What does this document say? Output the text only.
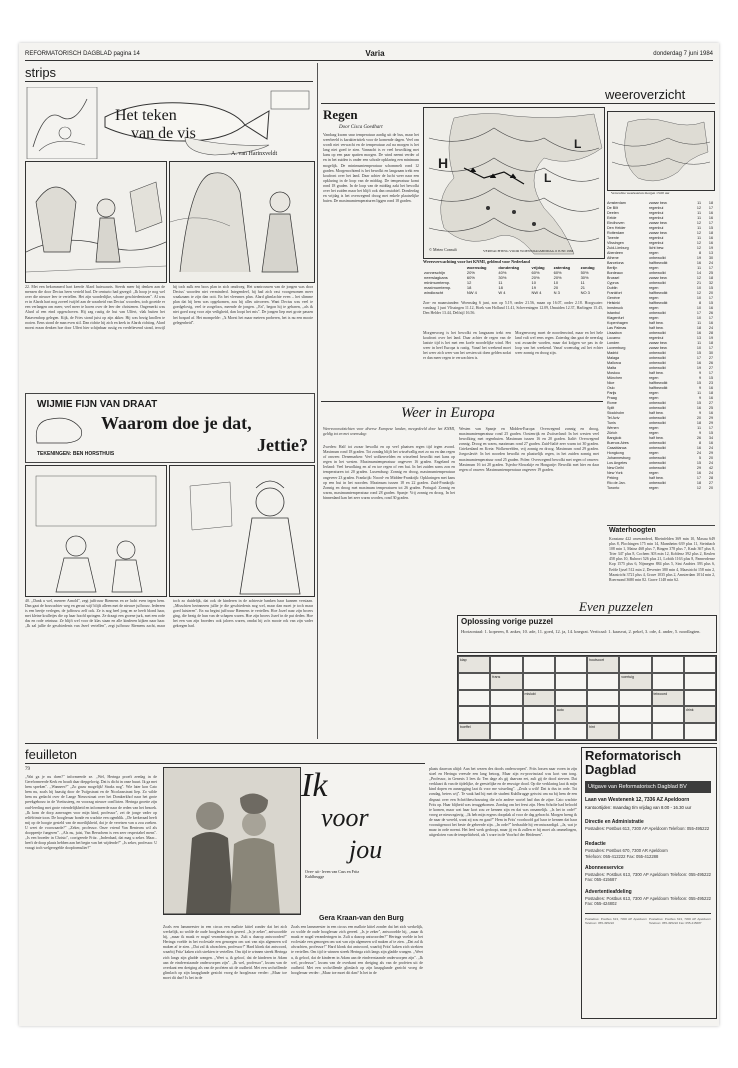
REFORMATORISCH DAGBLAD pagina 14	Varia	donderdag 7 juni 1984
strips
Het teken
van de vis
A. van Harinxveldt
22. Met een bekommerd hart keerde Alard huiswaarts. Steeds meer bij denken aan de mensen die door Decius heen verteld had. De centurio had gezegd: ,,Ik hoop je nog wel over die nieuwe leer te vertellen. Het zijn wonderlijke, schone geschiedenissen". Al was er in Alards hart nog zoveel twijfel aan de waarheid van Decius' woorden, toch groeide er een verlangen om meer, veel meer te horen over de leer der christenen. Ongemerkt was Alard al een eind opgeschoven. Hij zag rustig de hut van Ulfert, vlak buiten het Batavendorp gelegen. Kijk, de Fries stond juist op zijn akker. Hij was bezig knollen te rooien. Eens stond de man even stil. Dan richtte hij zich en keek in Alards richting. Alard moest eraan denken hoe door Ulfert hier schijnbaar rustig en vredelievend stond, terwijl hij toch zulk een boos plan in zich omdroeg. Het wantrouwen van de jongen was door Decius' woorden niet verminderd. Integendeel, hij had zich vast voorgenomen meer waakzaam te zijn dan ooit. En het vleesmes plan. Alard glimlachte even – het slimme plan dat hij hem was opgekomen, zou hij alles uitvoeren. Want Decius was veel te goedgelovig, veel te zorgeloos, meende de jongen. ,,En", begon hij te gebaren, ,,als ik niet goed zorg voor zijn veiligheid, dan loopt het mis". De jongen liep met grote passen het bospad af. Het mompelde: ,,'k Moest het maar meteen proberen, het is nu een mooie gelegenheid".
WIJMIE FIJN VAN DRAAT
Waarom doe je dat,
Jettie?
TEKENINGEN: BEN HORSTHUIS
40. ,,Dank u wel, meneer Arnold", zegt juffrouw Riemens en ze lacht even tegen hem. Dan gaat de boswachter weg en gerust wijf blijft alleen met de nieuwe juffrouw. Iedereen is een beetje verlegen, de juffrouw zelf ook. Ze is nog heel jong en ze heeft blond haar, met kleine krulletjes die op haar hoofd springen. Ze draagt een groene jurk, met een rode das en rode ceintuur. Ze blijft wel voor de klas staan en alle kinderen kijken naar haar. ,,Ik zal jullie de geschiedenis van Jezef vertellen", zegt juffrouw Riemens zacht, maar toch zo duidelijk, dat ook de kinderen in de achterste banken haar kunnen verstaan. ,,Misschien herinneren jullie je die geschiedenis nog wel, maar dan moet je toch maar goed luisteren". En nu begint juffrouw Riemens te vertellen. Hoe Jozef naar zijn broers ging, die bezig de hun van de schapen waren. Hoe zijn broers Jozef in de put deden. Hoe het een van zijn broeders ook jaloers waren, omdat hij zo'n mooie rok van zijn vader gekregen had.
feuilleton
79
,,Wat ga je nu doen?" informeerde ze. ,,Wel, Heringa proeft zeedag in de Gereformeerde Kerk en houdt daar diepgelovig. Dat is dicht in onze buurt. Ik ga met hem spreken". ,,Wanneer?" ,,Zo gauw mogelijk! Straks nog". Wie later kon Cato hem nu, zoals hij haastig door de Twijpstraat en de Nicolaasstraat liep. Zo wilde hem nu gedacht over de Lange Nieuwstraat over het Domkerkhof naar het grote preekgebouw in de Voetiusteeg, en voorzag nieuwe conflicten. Heringa groette zijn oud-leerling met grote vriendelijkheid en informeerde naar de reden van het bezoek. ,,Ik kom de dorp aanvragen voor mijn kind, professor", zei de jonge vader op reliëfrimte toon. De hoogleraar bonde en wachtte een ogenblik. ,,De kerkeraad heeft mij op de hoogte gesteld van de moeilijkheid, dat je de vereisen van u zou zoeken. U weet de voorwaarde?" ,,Zeker, professor. Onze vriend Van Benteom wil als dooppeetje fungeren". ,,Als nu, juist, Van Beeuchem is een zeer respectabel mens". ,,Is een broeder in Christo", corrigeerde Fritz. ,,Inderdaad, dat mag u zeker. Maar... heeft de doop plaats hebben aan het begin van het wijdende?" ,,Is zeker, professor. U vraagt toch welgeregelde doopformulier?"
Ik
voor
jou
Over- uit- leven van Cass en Fritz Kuhlbrugge
Gera Kraan-van den Burg
Zoals een lansmeester in een circus een mallote kittel zonder dat het zich werkelijk, zo wolde de oude hoogleraar zich gereed. ,,Is je zeker", antwoordde hij, ,,maar ik maak er nogal veranderingen in. Zult u daarop antwoorden?" Heringa voelde in het ecclesiale een genoegen om wat van zijn algemeen wil maken af te zien. ,,Dat zal ik afwachten, professor!" Hard klonk dat antwoord, waarbij Fritz' kaken zich strekten te vertellen. Om tijd te winnen streek Heringa zich langs zijn gladde wangen. ,,Weet u, ik geloof, dat de kinderen in Adam aan de eindverstaande onderworpen zijn". ,,Ik wel, professor", kwam van de overkant een dreiging als van de profeten uit de oudheid. Met een wolwillende glimlach op zijn knapglunde gezicht vroeg de hoogleraar verder: ,,Maar toe moet dit dan? Is het in de
Zoals een lansmeester in een circus een mallote kittel zonder dat het zich werkelijk, zo wolde de oude hoogleraar zich gereed. ,,Is je zeker", antwoordde hij, ,,maar ik maak er nogal veranderingen in. Zult u daarop antwoorden?" Heringa voelde in het ecclesiale een genoegen om wat van zijn algemeen wil maken af te zien. ,,Dat zal ik afwachten, professor!" Hard klonk dat antwoord, waarbij Fritz' kaken zich strekten te vertellen. Om tijd te winnen streek Heringa zich langs zijn gladde wangen. ,,Weet u, ik geloof, dat de kinderen in Adam aan de eindverstaande onderworpen zijn". ,,Ik wel, professor", kwam van de overkant een dreiging als van de profeten uit de oudheid. Met een wolwillende glimlach op zijn knapglunde gezicht vroeg de hoogleraar verder: ,,Maar toe moet dit dan? Is het in de
plaats daarvan altijd: Aan het wezen des doods onderworpen". Frits lossen naar voren in zijn stoel en Heringa vreesde een lang betoog. Maar zijn ex-provinciaal was kort van tong. ,,Professor, in Genesis 3 lees ik: Ten dage als gij daarvan eet, zult gij de dood sterven. Dat verklaart ik van de tijdelijke, de geestelijke en de eeuwige dood. Op die verklaring laat ik mijn kind dopen en aanzegging laat ik voor me wisseling". ,,Zeals u wilt! Dat is dus in orde. Tot zondag, beters wij". Te vaak had hij met de student Kuhlbrugge getwist om nu bij hem de een dispuut over een Schriftbeschouwing die zo'n andere wortel had dan de zijne. Cato wachtte Frits op. Haar blijheid was teruggekomen. Zondag om het feest zijn. Hem Scholte had beloofd te komen, maar wat haar kort zou ze kennen zijn en dat was onsamelijk. ,,Is het in orde?" vroeg ze nieuwsgierig. ,,Ik heb mijn ergens doopdak al voor de dag gebracht. Morgen breng ik de naar de wereld, want zij zou en gaat?" Hem in Frits' voorhoofd gaf haar te kennen dat haar vooruitgenoot het beste de geheerde zijn. ,,In orde?" herhaalde hij verontwaardigd. ,,Ja, wat je maar in orde noemt. Het leed werk gedoopt, maar jij en ik zullen er bij moet als ommelingen, uitgesloten van de tempeltirheid, als 't ware in de Voorhof der Heidenen".
Regen
Door Cisca Goedhart
Vandaag kwam snar temperatuur aardig uit de bus, maar het weerbeeld is karakteristiek voor de komende dagen. Veel om wordt niet verwacht en de temperatuur zal na morgen is het lang niet goed te zien. Vannacht is er veel bewolking met kans op een paar spatten morgen. De wind neemt verder af en in het zuiden is onder een schrale opklaring een minimum mogelijk. De minimumtemperatuur schommelt rond 12 graden. Morgenochtend is het bewolkt en langzaam trekt een koufront over het land. Daar achter de lucht weer naar een opklaring in de loop van de middag. De temperatuur komt rond 18 graden. In de loop van de middag zakt het bewolkt over het zuiden maar het blijft ook dan onstabiel. Donderdag en vrijdag is het overwegend droog met enkele plaatselijke buien. De maximumtemperaturen liggen rond 18 graden.
weeroverzicht
H
L
L
© Meteo Consult	VERWACHTING VOOR WOENSDAGMIDDAG 6 JUNI 1984
Verwachte weerkaarten morgen 13.00 uur
Weersverwachting voor het KNMI, geldend voor Nederland
	woensdag	donderdag	vrijdag	zaterdag	zondag
zonneschijn	20%	40%	60%	60%	50%
neerslagkans	60%	30%	20%	20%	30%
minimumtemp.	12	11	10	10	11
maximumtemp.	18	18	19	20	21
windkracht	NW 4	W 4	NW 4	N 3	NO 3
Zon- en maanstanden: Woensdag 6 juni, zon op 5.19, onder 21.56, maan op 16.07, onder 2.18. Hoogwater: vandaag 1 juni Vlissingen 11.12, Hoek van Holland 11.41, Scheveningen 12.09, IJmuiden 12.37, Harlingen 15.45, Den Helder 13.44, Delfzijl 16.56.
Morgenvroeg is het bewolkt en langzaam trekt een koufront over het land. Daar achter de regen van de laatste tijd is het met een koele noordelijke wind. Het weer in heel Europa is rustig. Vanaf het weekend moet het weer zich weer van het westen uit doen gelden zodat er dan meer regen te verwachten is.
Morgenvroeg moet de noordenwind, maar en het hele land valt wel eens regen. Zaterdag dan gaat de neerslag wat zwaarder worden, maar dat krijgen we pas in de loop van het weekend. Vanaf woensdag zal het echter weer zonnig en droog zijn.
Amsterdam	zwaar bew.	11	18
De Bilt	regenbui	12	17
Deelen	regenbui	11	16
Eelde	regenbui	11	16
Eindhoven	zwaar bew.	12	17
Den Helder	regenbui	11	15
Rotterdam	zwaar bew.	12	18
Twente	regenbui	11	16
Vlissingen	regenbui	12	16
Zuid-Limburg	licht bew.	12	19
Aberdeen	regen	8	13
Athene	onbewolkt	19	30
Barcelona	halfbewolkt	16	24
Berlijn	regen	11	17
Bordeaux	onbewolkt	14	25
Brussel	zwaar bew.	12	18
Cyprus	onbewolkt	21	32
Dublin	regen	10	15
Frankfort	halfbewolkt	12	20
Genève	regen	10	17
Helsinki	halfbewolkt	8	15
Innsbruck	regen	10	16
Istanbul	onbewolkt	17	26
Klagenfurt	regen	10	17
Kopenhagen	half bew.	11	16
Las Palmas	half bew.	18	24
Lissabon	onbewolkt	16	28
Locarno	regenbui	13	19
Londen	zwaar bew.	11	18
Luxemburg	zwaar bew.	10	17
Madrid	onbewolkt	15	30
Malaga	onbewolkt	17	27
Mallorca	onbewolkt	16	26
Malta	onbewolkt	19	27
Moskou	half bew.	9	17
München	regen	9	15
Nice	halfbewolkt	15	23
Oslo	halfbewolkt	9	16
Parijs	regen	11	18
Praag	regen	9	16
Rome	onbewolkt	15	27
Split	onbewolkt	16	25
Stockholm	half bew.	9	16
Tel Aviv	onbewolkt	20	29
Tunis	onbewolkt	18	29
Wenen	regen	11	17
Zürich	regen	9	15
Bangkok	half bew.	26	34
Buenos Aires	onbewolkt	8	16
Casablanca	onbewolkt	16	24
Hongkong	regen	24	29
Johannesburg	onbewolkt	5	20
Los Angeles	onbewolkt	15	24
New Delhi	onbewolkt	29	42
New York	regen	16	24
Peking	half bew.	17	28
Rio de Jan.	onbewolkt	18	27
Toronto	regen	12	20
Weer in Europa
Weersvooruitzichten voor diverse Europese landen, meegedeeld door het KNMI, geldig tot en met woensdag:
Zweden: Half tot zwaar bewolkt en op veel plaatsen regen tijd tegen avond. Maximum rond 18 graden. Tot zondag blijft het wisselvallig met zo nu en dan regen of onweer. Denemarken: Veel wolkenvelden en wisselend bewolkt met kans op regen in het westen. Maximumtemperatuur ongeveer 16 graden. Engeland en Ierland: Veel bewolking en af en toe regen of een bui. In het zuiden soms zon en temperaturen tot 20 graden. Luxemburg: Zonnig en droog, maximumtemperatuur ongeveer 23 graden. Frankrijk: Noord- en Midden-Frankrijk: Opklaringen met kans op een bui in het noorden. Maximum tussen 18 en 22 graden. Zuid-Frankrijk: Zonnig en droog met maximum temperaturen tot 26 graden. Portugal: Zonnig en warm, maximumtemperatuur rond 28 graden. Spanje: Vrij zonnig en droog. In het binnenland kan het zeer warm worden, rond 30 graden.
Westen van Spanje en Midden-Europa: Overwegend zonnig en droog, maximumtemperatuur rond 25 graden. Oostenrijk en Zwitserland: In het westen veel bewolking met regenbuien. Maximum tussen 16 en 20 graden. Italië: Overwegend zonnig. Droog en warm, maximum rond 27 graden. Zuid-Italië zeer warm tot 30 graden. Griekenland en Kreta: Wolkenvelden, vrij zonnig en droog. Maximum rond 29 graden. Joegoslavië: In het noorden bewolkt en plaatselijk regen, in het zuiden zonnig met maximumtemperatuur rond 25 graden. Polen: Overwegend bewolkt met regen of onweer. Maximum 16 tot 20 graden. Tsjecho-Slowakije en Hongarije: Bewolkt met hier en daar regen of onweer. Maximumtemperatuur ongeveer 19 graden.
Waterhoogten
Konstanz 422 onveranderd, Rheinfelden 369 min 10, Maxau 649 plus 8, Plochingen 175 min 14, Mannheim 639 plus 11, Steinbach 108 min 1, Mainz 468 plus 7, Bingen 378 plus 7, Kaub 367 plus 8, Trier 347 plus 8, Cochem 303 min 12, Koblenz 392 plus 2, Keulen 458 plus 10, Ruhrort 526 plus 21, Lobith 1163 plus 8, Pannerdense Kop 1575 plus 6, Nijmegen 884 plus 5, Sint Andries 393 plus 6, Eefde Ijssel 512 min 2, Deventer 380 min 4, Maastricht 158 min 2, Maastricht 3721 plus 4, Grave 1035 plus 2, Amsterdam 1014 min 2, Roermond 3680 min 82. Grave 1148 min 62.
Even puzzelen
Oplossing vorige puzzel
Horizontaal: 1. koperen, 8. anker, 10. ade, 11. goed, 12. ja, 14. knegrat. Verticaal: 1. kaasvat, 2. pekel, 3. ode, 4. ander, 5. noodlagten.
klap	houtsoort
frans	voertuig
mislukt	telwoord
auto	drink
boeffel	hint
Reformatorisch Dagblad
Uitgave van Reformatorisch Dagblad BV
Laan van Westenenk 12, 7336 AZ Apeldoorn
Kantoortijden: maandag t/m vrijdag van 8.00 - 16.30 uur
Directie en Administratie
Postadres: Postbus 613, 7300 AP Apeldoorn Telefoon: 055-495222
Redactie
Postadres: Postbus 670, 7300 AR Apeldoorn
Telefoon: 055-412222 Fax: 055-412288
Abonneeservice
Postadres: Postbus 613, 7300 AP Apeldoorn Telefoon: 055-495222 Fax: 055-415687
Advertentieafdeling
Postadres: Postbus 613, 7300 AP Apeldoorn Telefoon: 055-495222 Fax: 055-424802
Postadres: Postbus 613, 7300 AP Apeldoorn Telefoon: 055-495222
Postadres: Postbus 613, 7300 AP Apeldoorn Telefoon: 055-495222 Fax: 055-415687
